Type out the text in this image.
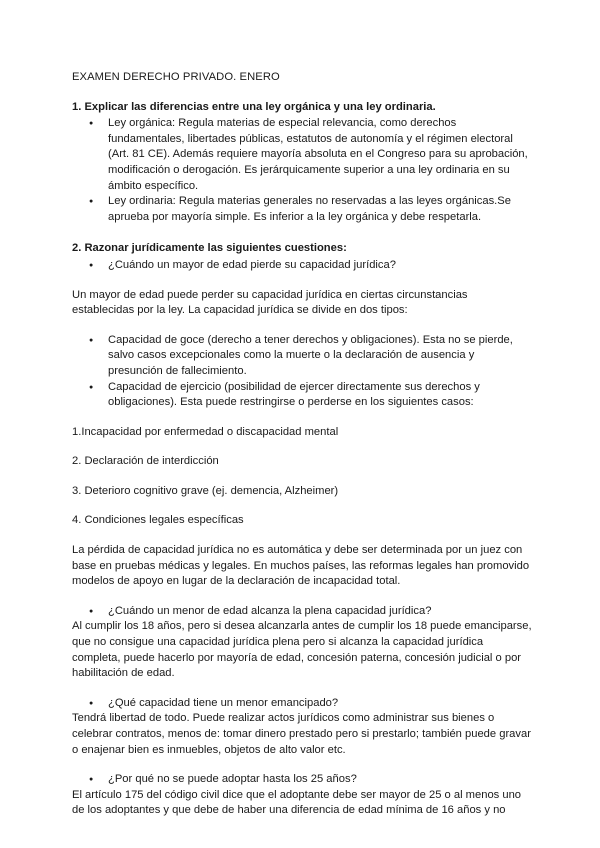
EXAMEN DERECHO PRIVADO. ENERO

1. Explicar las diferencias entre una ley orgánica y una ley ordinaria.

● Ley orgánica: Regula materias de especial relevancia, como derechos fundamentales, libertades públicas, estatutos de autonomía y el régimen electoral (Art. 81 CE). Además requiere mayoría absoluta en el Congreso para su aprobación, modificación o derogación. Es jerárquicamente superior a una ley ordinaria en su ámbito específico.
● Ley ordinaria: Regula materias generales no reservadas a las leyes orgánicas.Se aprueba por mayoría simple. Es inferior a la ley orgánica y debe respetarla.

2. Razonar jurídicamente las siguientes cuestiones:

● ¿Cuándo un mayor de edad pierde su capacidad jurídica?

Un mayor de edad puede perder su capacidad jurídica en ciertas circunstancias establecidas por la ley. La capacidad jurídica se divide en dos tipos:

● Capacidad de goce (derecho a tener derechos y obligaciones). Esta no se pierde, salvo casos excepcionales como la muerte o la declaración de ausencia y presunción de fallecimiento.
● Capacidad de ejercicio (posibilidad de ejercer directamente sus derechos y obligaciones). Esta puede restringirse o perderse en los siguientes casos:

1.Incapacidad por enfermedad o discapacidad mental

2. Declaración de interdicción

3. Deterioro cognitivo grave (ej. demencia, Alzheimer)

4. Condiciones legales específicas

La pérdida de capacidad jurídica no es automática y debe ser determinada por un juez con base en pruebas médicas y legales. En muchos países, las reformas legales han promovido modelos de apoyo en lugar de la declaración de incapacidad total.

● ¿Cuándo un menor de edad alcanza la plena capacidad jurídica?

Al cumplir los 18 años, pero si desea alcanzarla antes de cumplir los 18 puede emanciparse, que no consigue una capacidad jurídica plena pero si alcanza la capacidad jurídica completa, puede hacerlo por mayoría de edad, concesión paterna, concesión judicial o por habilitación de edad.

● ¿Qué capacidad tiene un menor emancipado?

Tendrá libertad de todo. Puede realizar actos jurídicos como administrar sus bienes o celebrar contratos, menos de: tomar dinero prestado pero si prestarlo; también puede gravar o enajenar bien es inmuebles, objetos de alto valor etc.

● ¿Por qué no se puede adoptar hasta los 25 años?

El artículo 175 del código civil dice que el adoptante debe ser mayor de 25 o al menos uno de los adoptantes y que debe de haber una diferencia de edad mínima de 16 años y no
